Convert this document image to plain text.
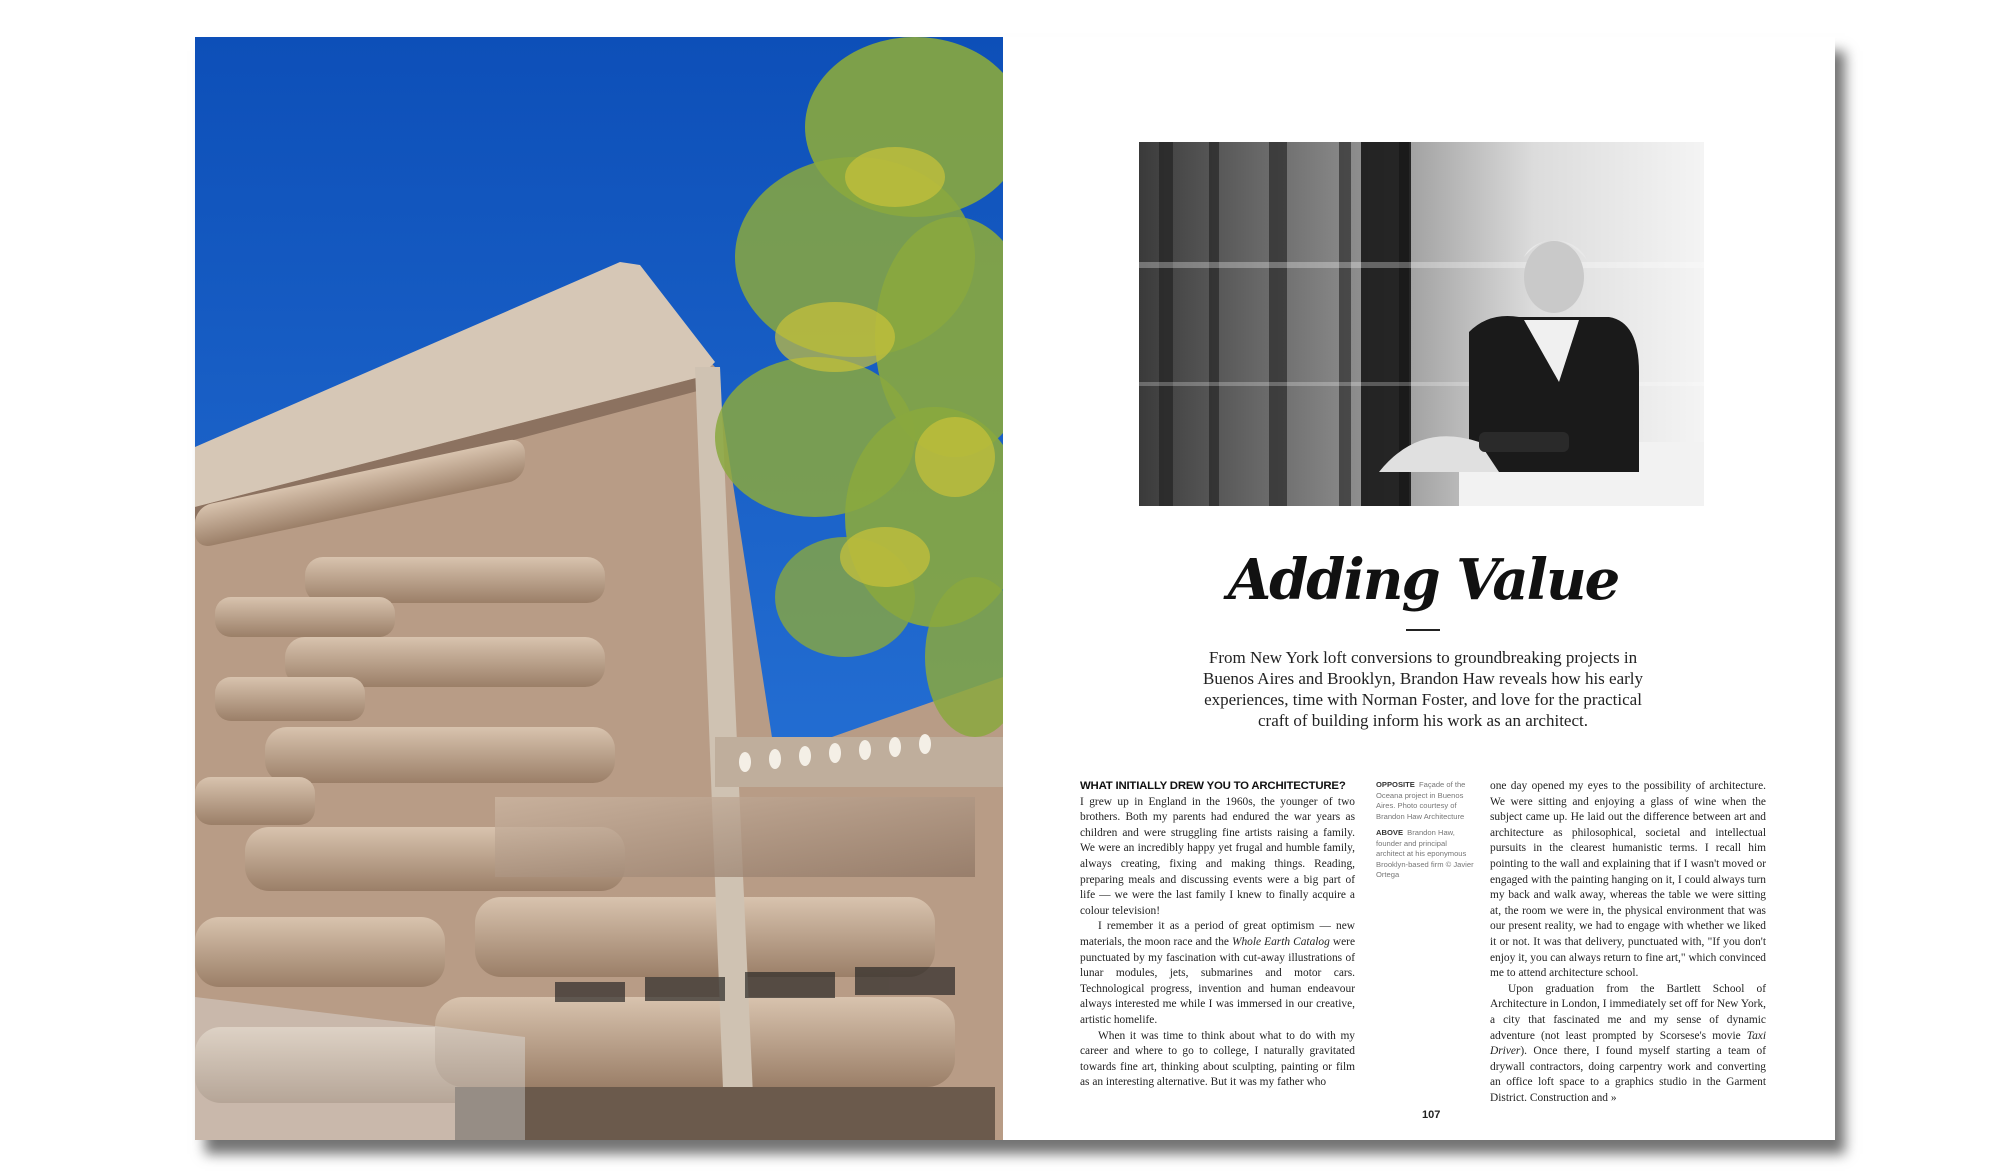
Adding Value

From New York loft conversions to groundbreaking projects in Buenos Aires and Brooklyn, Brandon Haw reveals how his early experiences, time with Norman Foster, and love for the practical craft of building inform his work as an architect.

WHAT INITIALLY DREW YOU TO ARCHITECTURE?

I grew up in England in the 1960s, the younger of two brothers. Both my parents had endured the war years as children and were struggling fine artists raising a family. We were an incredibly happy yet frugal and humble family, always creating, fixing and making things. Reading, preparing meals and discussing events were a big part of life — we were the last family I knew to finally acquire a colour television!

I remember it as a period of great optimism — new materials, the moon race and the Whole Earth Catalog were punctuated by my fascination with cut-away illustrations of lunar modules, jets, submarines and motor cars. Technological progress, invention and human endeavour always interested me while I was immersed in our creative, artistic homelife.

When it was time to think about what to do with my career and where to go to college, I naturally gravitated towards fine art, thinking about sculpting, painting or film as an interesting alternative. But it was my father who

OPPOSITE Façade of the Oceana project in Buenos Aires. Photo courtesy of Brandon Haw Architecture

ABOVE Brandon Haw, founder and principal architect at his eponymous Brooklyn-based firm © Javier Ortega

one day opened my eyes to the possibility of architecture. We were sitting and enjoying a glass of wine when the subject came up. He laid out the difference between art and architecture as philosophical, societal and intellectual pursuits in the clearest humanistic terms. I recall him pointing to the wall and explaining that if I wasn't moved or engaged with the painting hanging on it, I could always turn my back and walk away, whereas the table we were sitting at, the room we were in, the physical environment that was our present reality, we had to engage with whether we liked it or not. It was that delivery, punctuated with, "If you don't enjoy it, you can always return to fine art," which convinced me to attend architecture school.

Upon graduation from the Bartlett School of Architecture in London, I immediately set off for New York, a city that fascinated me and my sense of dynamic adventure (not least prompted by Scorsese's movie Taxi Driver). Once there, I found myself starting a team of drywall contractors, doing carpentry work and converting an office loft space to a graphics studio in the Garment District. Construction and »

107
